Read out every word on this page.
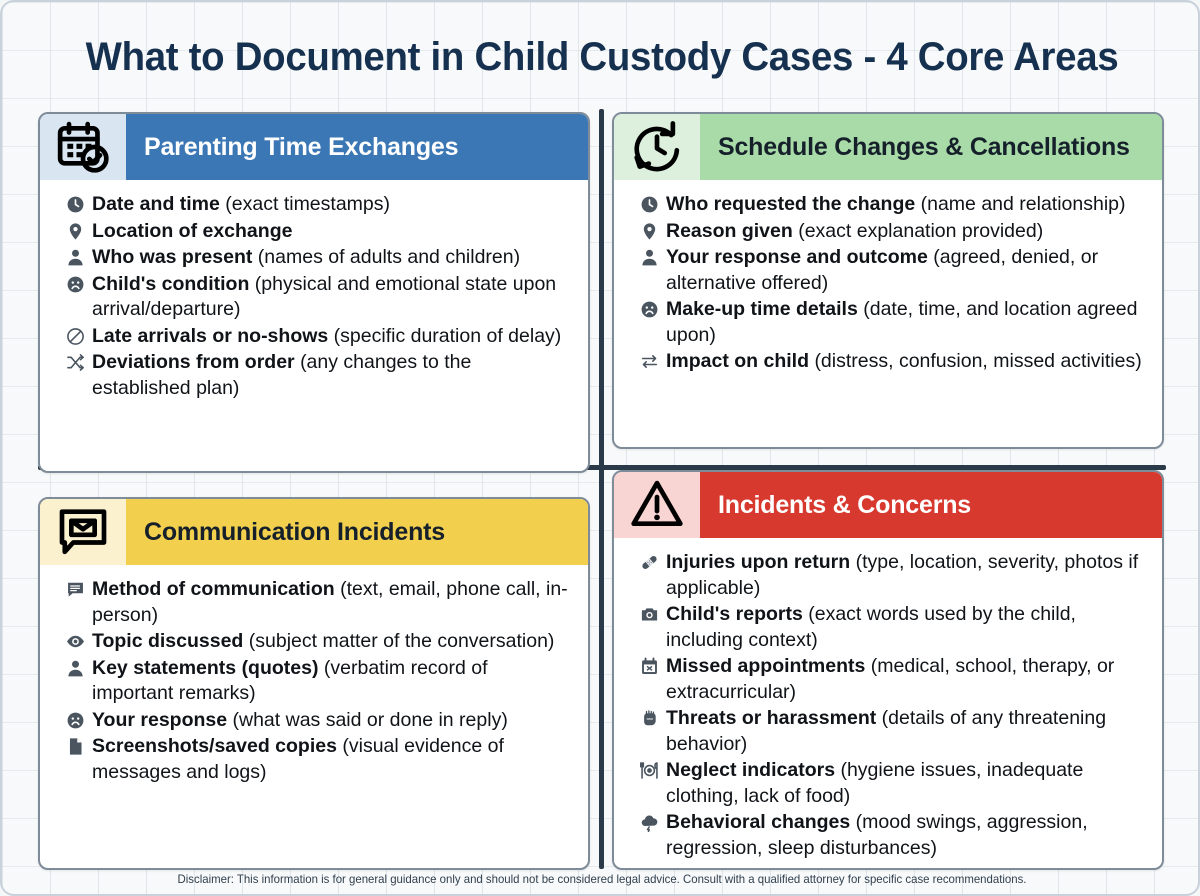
What to Document in Child Custody Cases - 4 Core Areas
Parenting Time Exchanges
Date and time (exact timestamps)
Location of exchange
Who was present (names of adults and children)
Child's condition (physical and emotional state upon arrival/departure)
Late arrivals or no-shows (specific duration of delay)
Deviations from order (any changes to the established plan)
Schedule Changes & Cancellations
Who requested the change (name and relationship)
Reason given (exact explanation provided)
Your response and outcome (agreed, denied, or alternative offered)
Make-up time details (date, time, and location agreed upon)
Impact on child (distress, confusion, missed activities)
Communication Incidents
Method of communication (text, email, phone call, in-person)
Topic discussed (subject matter of the conversation)
Key statements (quotes) (verbatim record of important remarks)
Your response (what was said or done in reply)
Screenshots/saved copies (visual evidence of messages and logs)
Incidents & Concerns
Injuries upon return (type, location, severity, photos if applicable)
Child's reports (exact words used by the child, including context)
Missed appointments (medical, school, therapy, or extracurricular)
Threats or harassment (details of any threatening behavior)
Neglect indicators (hygiene issues, inadequate clothing, lack of food)
Behavioral changes (mood swings, aggression, regression, sleep disturbances)
Disclaimer: This information is for general guidance only and should not be considered legal advice. Consult with a qualified attorney for specific case recommendations.
